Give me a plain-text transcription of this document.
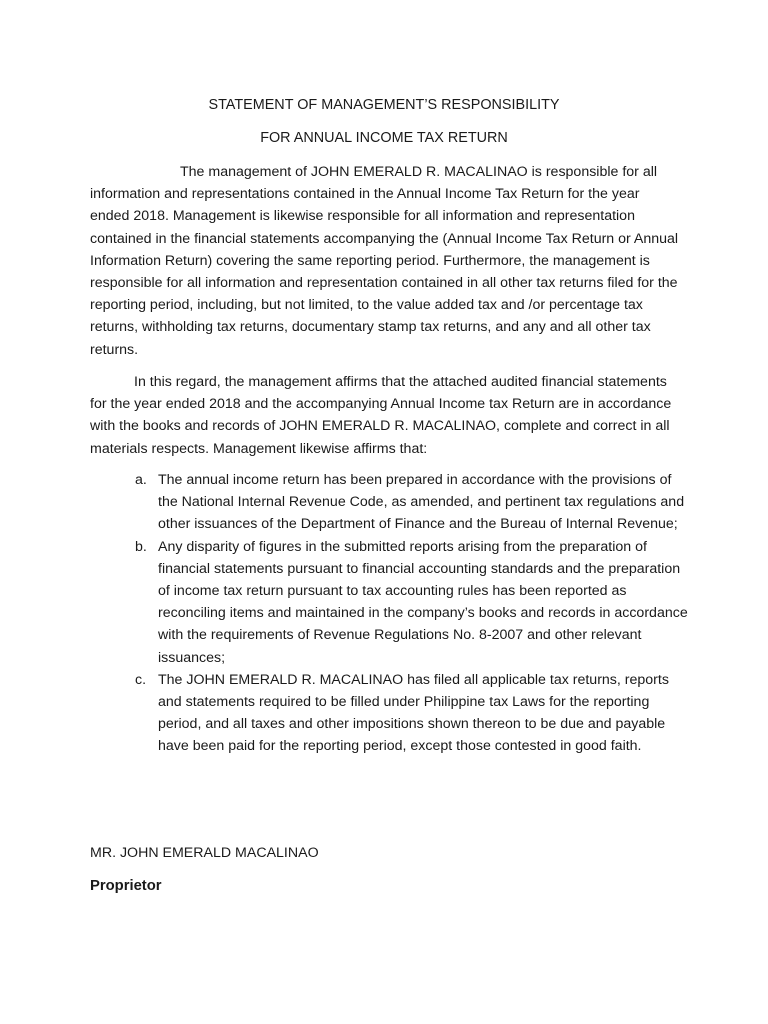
STATEMENT OF MANAGEMENT’S RESPONSIBILITY
FOR ANNUAL INCOME TAX RETURN

The management of JOHN EMERALD R. MACALINAO is responsible for all information and representations contained in the Annual Income Tax Return for the year ended 2018. Management is likewise responsible for all information and representation contained in the financial statements accompanying the (Annual Income Tax Return or Annual Information Return) covering the same reporting period. Furthermore, the management is responsible for all information and representation contained in all other tax returns filed for the reporting period, including, but not limited, to the value added tax and /or percentage tax returns, withholding tax returns, documentary stamp tax returns, and any and all other tax returns.

In this regard, the management affirms that the attached audited financial statements for the year ended 2018 and the accompanying Annual Income tax Return are in accordance with the books and records of JOHN EMERALD R. MACALINAO, complete and correct in all materials respects. Management likewise affirms that:

a. The annual income return has been prepared in accordance with the provisions of the National Internal Revenue Code, as amended, and pertinent tax regulations and other issuances of the Department of Finance and the Bureau of Internal Revenue;
b. Any disparity of figures in the submitted reports arising from the preparation of financial statements pursuant to financial accounting standards and the preparation of income tax return pursuant to tax accounting rules has been reported as reconciling items and maintained in the company’s books and records in accordance with the requirements of Revenue Regulations No. 8-2007 and other relevant issuances;
c. The JOHN EMERALD R. MACALINAO has filed all applicable tax returns, reports and statements required to be filled under Philippine tax Laws for the reporting period, and all taxes and other impositions shown thereon to be due and payable have been paid for the reporting period, except those contested in good faith.
MR. JOHN EMERALD MACALINAO
Proprietor
